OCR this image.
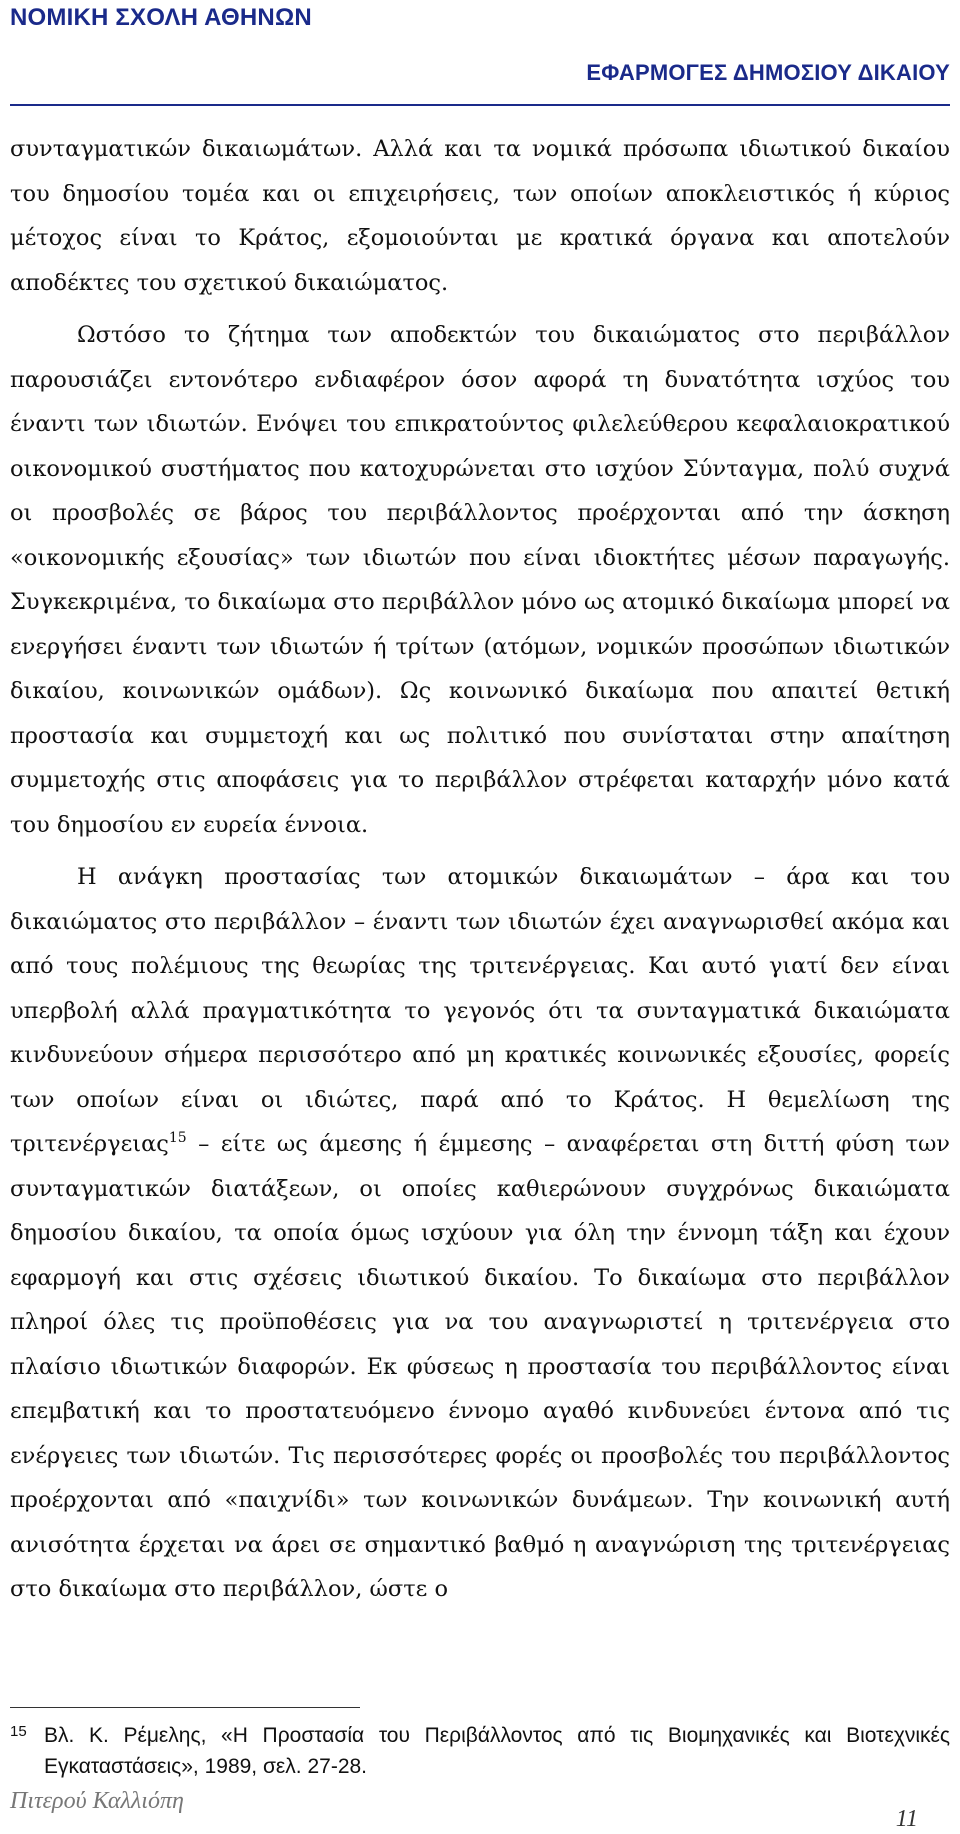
ΝΟΜΙΚΗ ΣΧΟΛΗ ΑΘΗΝΩΝ
ΕΦΑΡΜΟΓΕΣ ΔΗΜΟΣΙΟΥ ΔΙΚΑΙΟΥ

συνταγματικών δικαιωμάτων. Αλλά και τα νομικά πρόσωπα ιδιωτικού δικαίου του δημοσίου τομέα και οι επιχειρήσεις, των οποίων αποκλειστικός ή κύριος μέτοχος είναι το Κράτος, εξομοιούνται με κρατικά όργανα και αποτελούν αποδέκτες του σχετικού δικαιώματος.

Ωστόσο το ζήτημα των αποδεκτών του δικαιώματος στο περιβάλλον παρουσιάζει εντονότερο ενδιαφέρον όσον αφορά τη δυνατότητα ισχύος του έναντι των ιδιωτών. Ενόψει του επικρατούντος φιλελεύθερου κεφαλαιοκρατικού οικονομικού συστήματος που κατοχυρώνεται στο ισχύον Σύνταγμα, πολύ συχνά οι προσβολές σε βάρος του περιβάλλοντος προέρχονται από την άσκηση «οικονομικής εξουσίας» των ιδιωτών που είναι ιδιοκτήτες μέσων παραγωγής. Συγκεκριμένα, το δικαίωμα στο περιβάλλον μόνο ως ατομικό δικαίωμα μπορεί να ενεργήσει έναντι των ιδιωτών ή τρίτων (ατόμων, νομικών προσώπων ιδιωτικών δικαίου, κοινωνικών ομάδων). Ως κοινωνικό δικαίωμα που απαιτεί θετική προστασία και συμμετοχή και ως πολιτικό που συνίσταται στην απαίτηση συμμετοχής στις αποφάσεις για το περιβάλλον στρέφεται καταρχήν μόνο κατά του δημοσίου εν ευρεία έννοια.

Η ανάγκη προστασίας των ατομικών δικαιωμάτων – άρα και του δικαιώματος στο περιβάλλον – έναντι των ιδιωτών έχει αναγνωρισθεί ακόμα και από τους πολέμιους της θεωρίας της τριτενέργειας. Και αυτό γιατί δεν είναι υπερβολή αλλά πραγματικότητα το γεγονός ότι τα συνταγματικά δικαιώματα κινδυνεύουν σήμερα περισσότερο από μη κρατικές κοινωνικές εξουσίες, φορείς των οποίων είναι οι ιδιώτες, παρά από το Κράτος. Η θεμελίωση της τριτενέργειας$^{15}$ – είτε ως άμεσης ή έμμεσης – αναφέρεται στη διττή φύση των συνταγματικών διατάξεων, οι οποίες καθιερώνουν συγχρόνως δικαιώματα δημοσίου δικαίου, τα οποία όμως ισχύουν για όλη την έννομη τάξη και έχουν εφαρμογή και στις σχέσεις ιδιωτικού δικαίου. Το δικαίωμα στο περιβάλλον πληροί όλες τις προϋποθέσεις για να του αναγνωριστεί η τριτενέργεια στο πλαίσιο ιδιωτικών διαφορών. Εκ φύσεως η προστασία του περιβάλλοντος είναι επεμβατική και το προστατευόμενο έννομο αγαθό κινδυνεύει έντονα από τις ενέργειες των ιδιωτών. Τις περισσότερες φορές οι προσβολές του περιβάλλοντος προέρχονται από «παιχνίδι» των κοινωνικών δυνάμεων. Την κοινωνική αυτή ανισότητα έρχεται να άρει σε σημαντικό βαθμό η αναγνώριση της τριτενέργειας στο δικαίωμα στο περιβάλλον, ώστε ο

15 Βλ. Κ. Ρέμελης, «Η Προστασία του Περιβάλλοντος από τις Βιομηχανικές και Βιοτεχνικές Εγκαταστάσεις», 1989, σελ. 27-28.
Πιτερού Καλλιόπη
11
